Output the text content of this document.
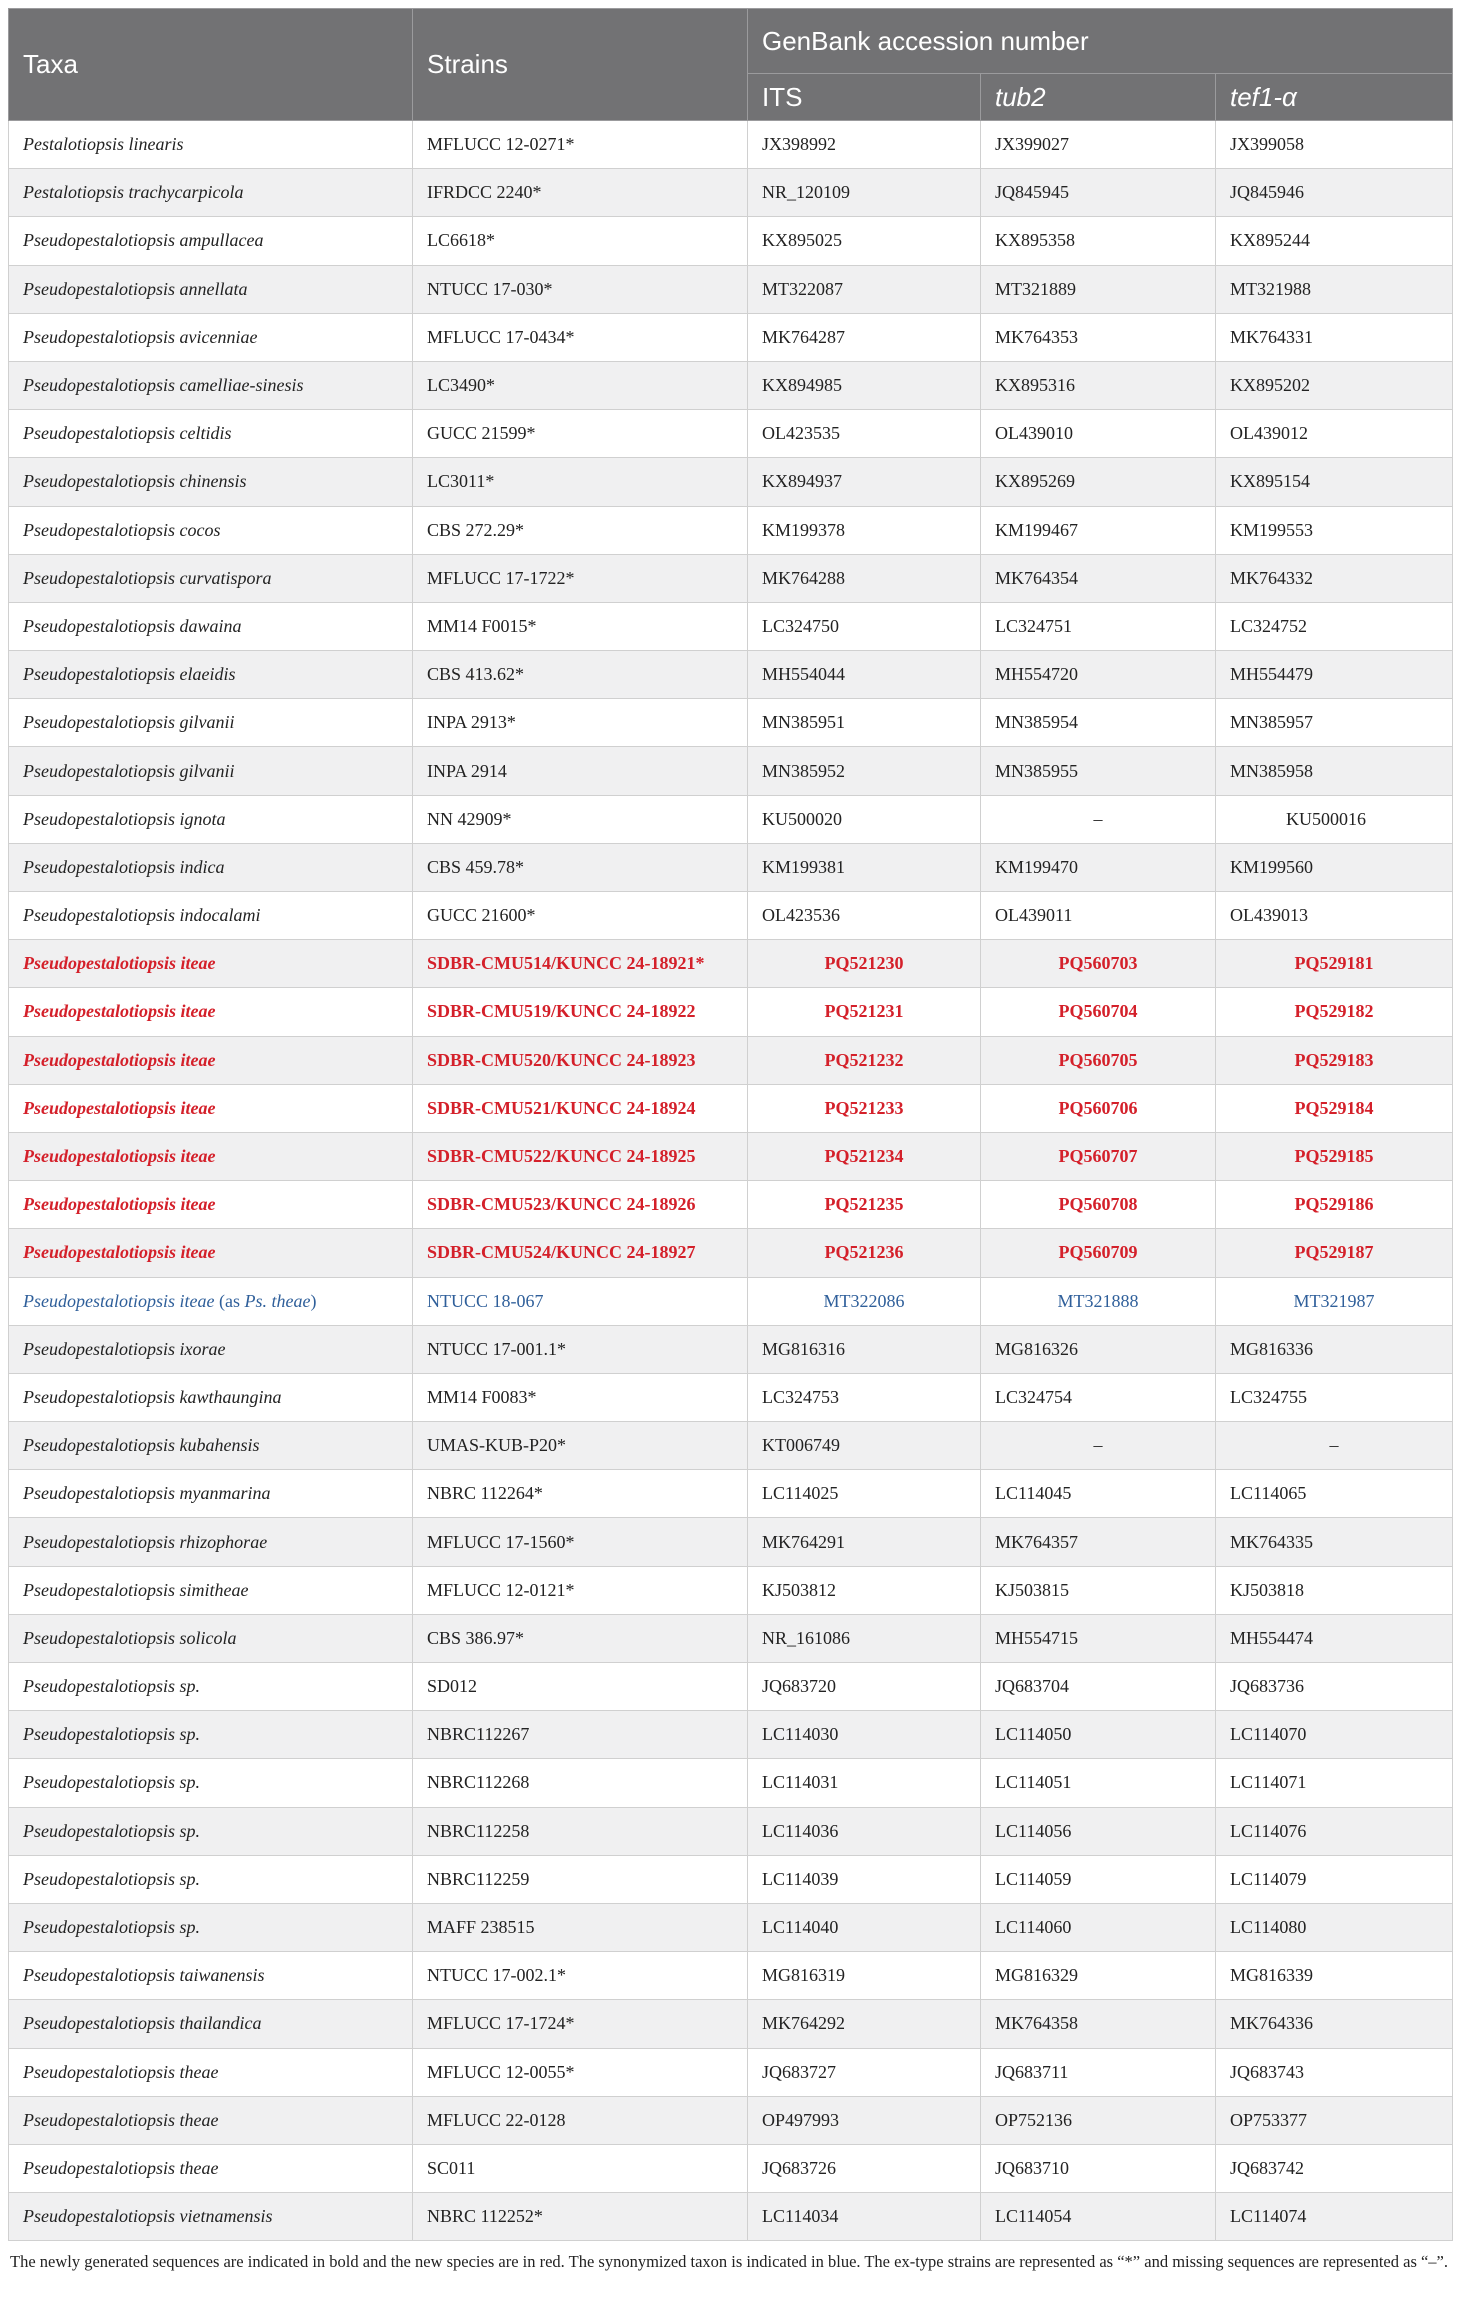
Taxa	Strains	GenBank accession number		
		ITS	tub2	tef1-α
Pestalotiopsis linearis	MFLUCC 12-0271*	JX398992	JX399027	JX399058
Pestalotiopsis trachycarpicola	IFRDCC 2240*	NR_120109	JQ845945	JQ845946
Pseudopestalotiopsis ampullacea	LC6618*	KX895025	KX895358	KX895244
Pseudopestalotiopsis annellata	NTUCC 17-030*	MT322087	MT321889	MT321988
Pseudopestalotiopsis avicenniae	MFLUCC 17-0434*	MK764287	MK764353	MK764331
Pseudopestalotiopsis camelliae-sinesis	LC3490*	KX894985	KX895316	KX895202
Pseudopestalotiopsis celtidis	GUCC 21599*	OL423535	OL439010	OL439012
Pseudopestalotiopsis chinensis	LC3011*	KX894937	KX895269	KX895154
Pseudopestalotiopsis cocos	CBS 272.29*	KM199378	KM199467	KM199553
Pseudopestalotiopsis curvatispora	MFLUCC 17-1722*	MK764288	MK764354	MK764332
Pseudopestalotiopsis dawaina	MM14 F0015*	LC324750	LC324751	LC324752
Pseudopestalotiopsis elaeidis	CBS 413.62*	MH554044	MH554720	MH554479
Pseudopestalotiopsis gilvanii	INPA 2913*	MN385951	MN385954	MN385957
Pseudopestalotiopsis gilvanii	INPA 2914	MN385952	MN385955	MN385958
Pseudopestalotiopsis ignota	NN 42909*	KU500020	–	KU500016
Pseudopestalotiopsis indica	CBS 459.78*	KM199381	KM199470	KM199560
Pseudopestalotiopsis indocalami	GUCC 21600*	OL423536	OL439011	OL439013
Pseudopestalotiopsis iteae	SDBR-CMU514/KUNCC 24-18921*	PQ521230	PQ560703	PQ529181
Pseudopestalotiopsis iteae	SDBR-CMU519/KUNCC 24-18922	PQ521231	PQ560704	PQ529182
Pseudopestalotiopsis iteae	SDBR-CMU520/KUNCC 24-18923	PQ521232	PQ560705	PQ529183
Pseudopestalotiopsis iteae	SDBR-CMU521/KUNCC 24-18924	PQ521233	PQ560706	PQ529184
Pseudopestalotiopsis iteae	SDBR-CMU522/KUNCC 24-18925	PQ521234	PQ560707	PQ529185
Pseudopestalotiopsis iteae	SDBR-CMU523/KUNCC 24-18926	PQ521235	PQ560708	PQ529186
Pseudopestalotiopsis iteae	SDBR-CMU524/KUNCC 24-18927	PQ521236	PQ560709	PQ529187
Pseudopestalotiopsis iteae (as Ps. theae)	NTUCC 18-067	MT322086	MT321888	MT321987
Pseudopestalotiopsis ixorae	NTUCC 17-001.1*	MG816316	MG816326	MG816336
Pseudopestalotiopsis kawthaungina	MM14 F0083*	LC324753	LC324754	LC324755
Pseudopestalotiopsis kubahensis	UMAS-KUB-P20*	KT006749	–	–
Pseudopestalotiopsis myanmarina	NBRC 112264*	LC114025	LC114045	LC114065
Pseudopestalotiopsis rhizophorae	MFLUCC 17-1560*	MK764291	MK764357	MK764335
Pseudopestalotiopsis simitheae	MFLUCC 12-0121*	KJ503812	KJ503815	KJ503818
Pseudopestalotiopsis solicola	CBS 386.97*	NR_161086	MH554715	MH554474
Pseudopestalotiopsis sp.	SD012	JQ683720	JQ683704	JQ683736
Pseudopestalotiopsis sp.	NBRC112267	LC114030	LC114050	LC114070
Pseudopestalotiopsis sp.	NBRC112268	LC114031	LC114051	LC114071
Pseudopestalotiopsis sp.	NBRC112258	LC114036	LC114056	LC114076
Pseudopestalotiopsis sp.	NBRC112259	LC114039	LC114059	LC114079
Pseudopestalotiopsis sp.	MAFF 238515	LC114040	LC114060	LC114080
Pseudopestalotiopsis taiwanensis	NTUCC 17-002.1*	MG816319	MG816329	MG816339
Pseudopestalotiopsis thailandica	MFLUCC 17-1724*	MK764292	MK764358	MK764336
Pseudopestalotiopsis theae	MFLUCC 12-0055*	JQ683727	JQ683711	JQ683743
Pseudopestalotiopsis theae	MFLUCC 22-0128	OP497993	OP752136	OP753377
Pseudopestalotiopsis theae	SC011	JQ683726	JQ683710	JQ683742
Pseudopestalotiopsis vietnamensis	NBRC 112252*	LC114034	LC114054	LC114074
The newly generated sequences are indicated in bold and the new species are in red. The synonymized taxon is indicated in blue. The ex-type strains are represented as “*” and missing sequences are represented as “–”.
